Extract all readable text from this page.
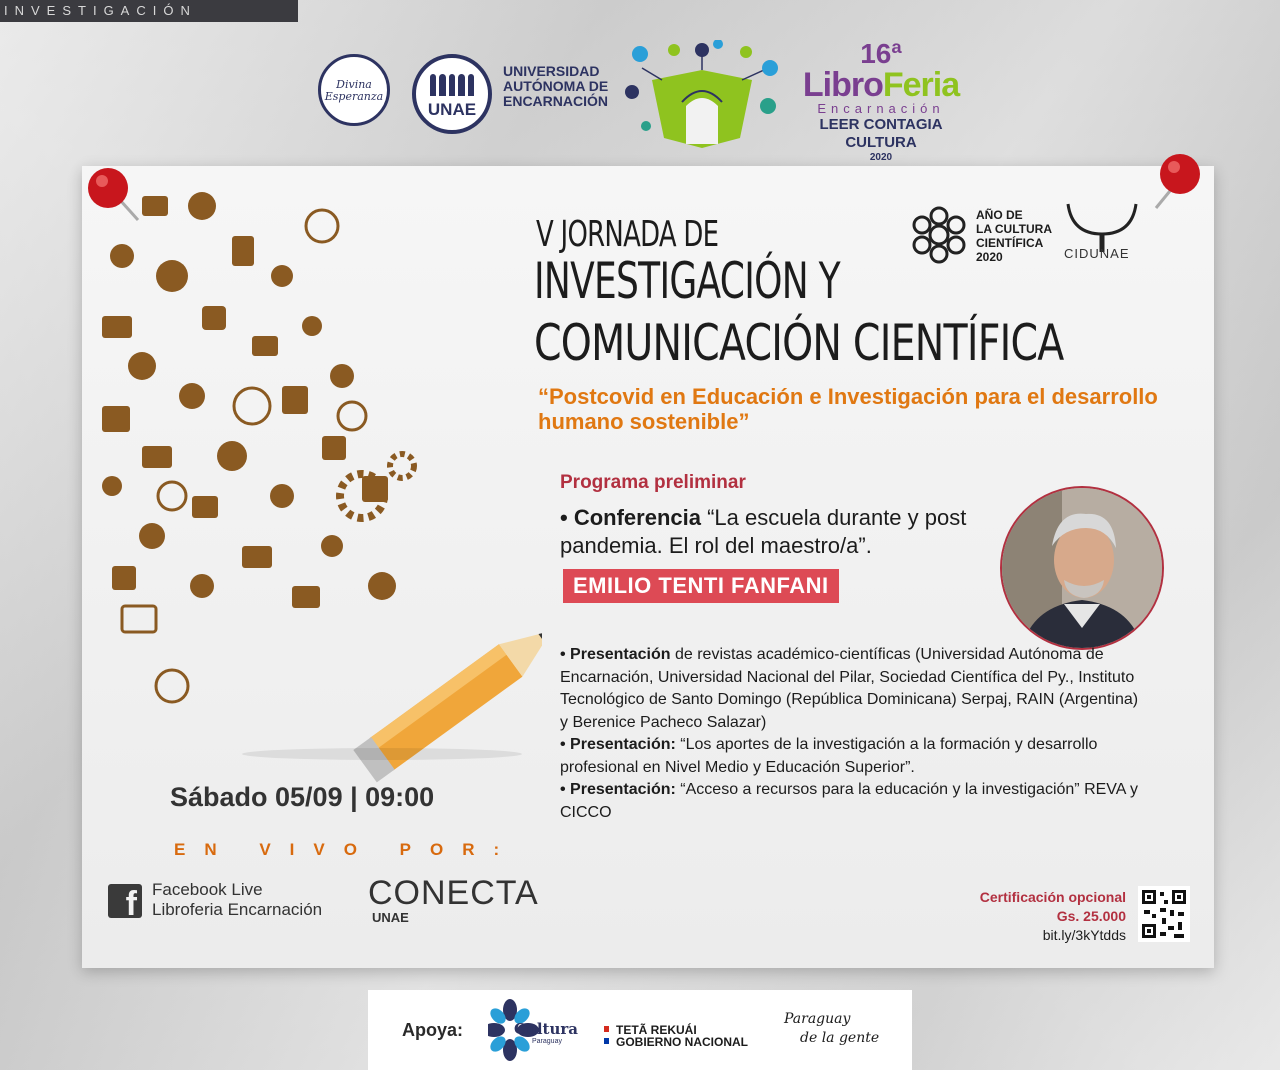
INVESTIGACIÓN
Divina Esperanza
UNAE
UNIVERSIDAD
AUTÓNOMA DE
ENCARNACIÓN
16ª
LibroFeria
Encarnación
LEER CONTAGIA CULTURA
2020
V JORNADA DE
INVESTIGACIÓN Y
COMUNICACIÓN CIENTÍFICA
“Postcovid en Educación e Investigación para el desarrollo humano sostenible”
AÑO DE
LA CULTURA
CIENTÍFICA
2020	CIDUNAE
Programa preliminar
• Conferencia “La escuela durante y post pandemia. El rol del maestro/a”.
EMILIO TENTI FANFANI

• Presentación de revistas académico-científicas (Universidad Autónoma de Encarnación, Universidad Nacional del Pilar, Sociedad Científica del Py., Instituto Tecnológico de Santo Domingo (República Dominicana) Serpaj, RAIN (Argentina) y Berenice Pacheco Salazar)

• Presentación: “Los aportes de la investigación a la formación y desarrollo profesional en Nivel Medio y Educación Superior”.

• Presentación: “Acceso a recursos para la educación y la investigación” REVA y CICCO

Sábado 05/09 | 09:00
EN VIVO POR:
f Facebook Live
Libroferia Encarnación CONECTA
UNAE
Certificación opcional
Gs. 25.000
bit.ly/3kYtdds
Apoya:	Cultura
Paraguay
TETÃ REKUÁI
GOBIERNO NACIONAL
Paraguay
de la gente
